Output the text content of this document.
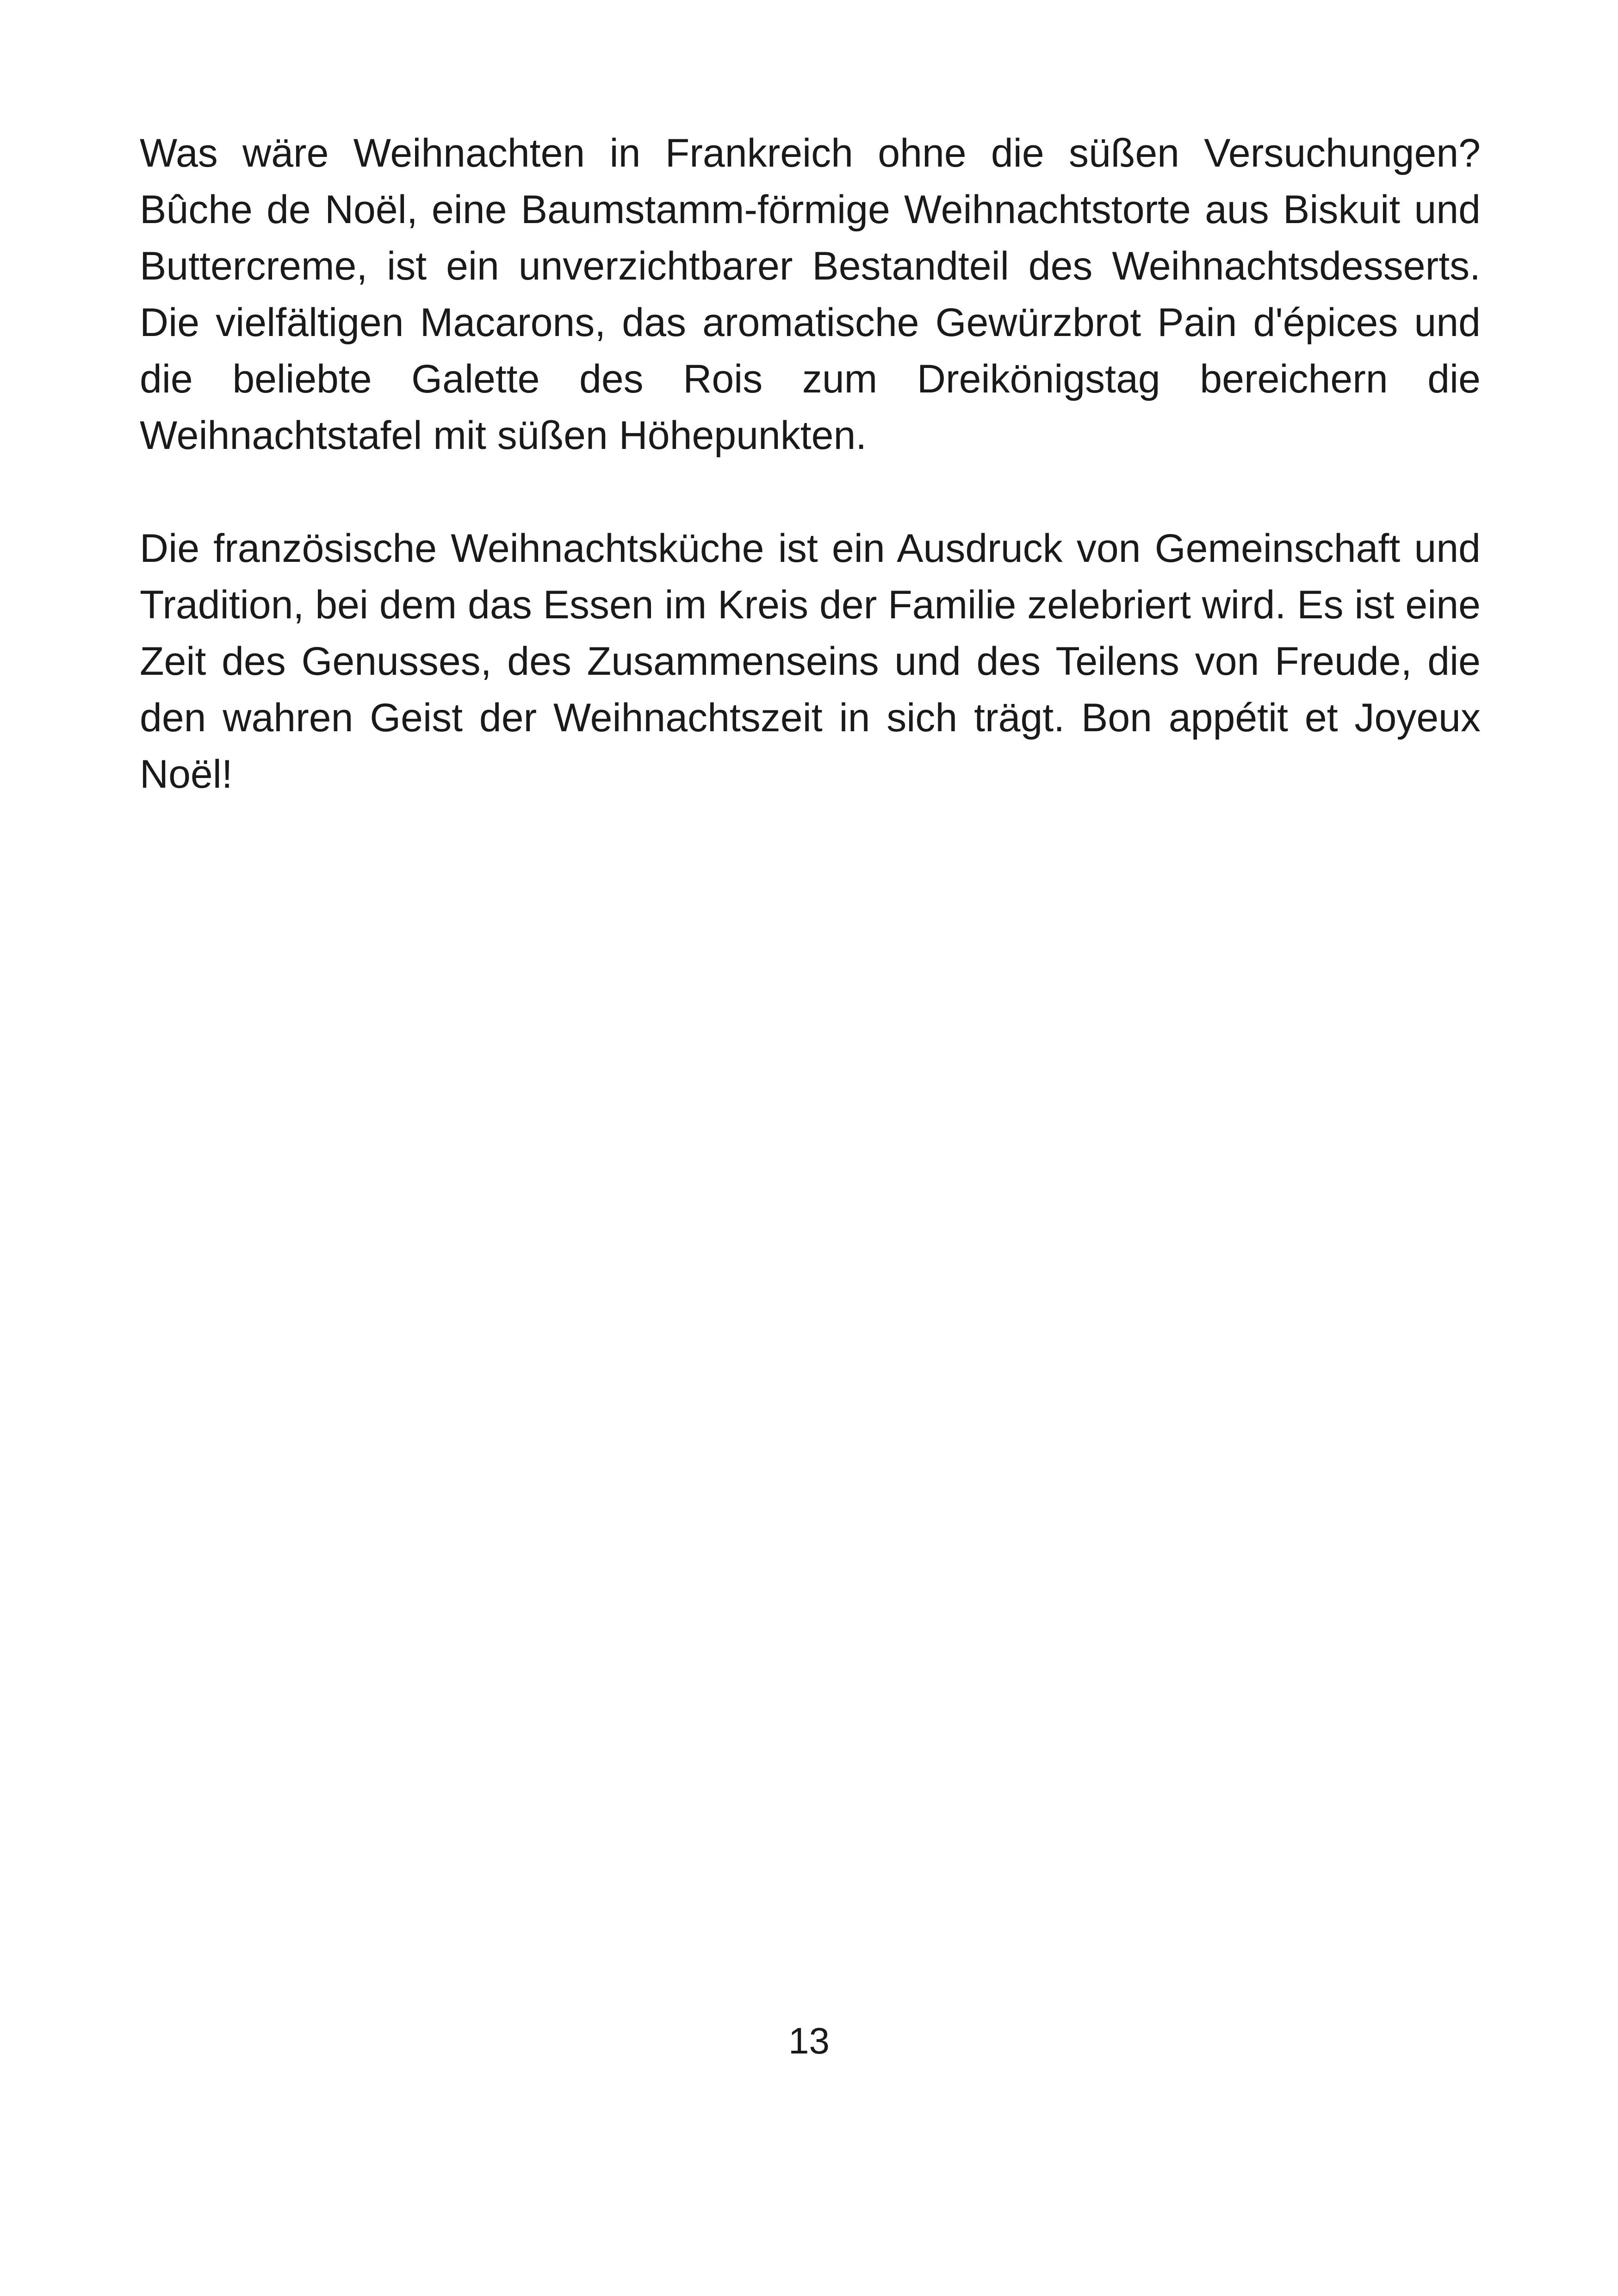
Was wäre Weihnachten in Frankreich ohne die süßen Versuchungen? Bûche de Noël, eine Baumstamm-förmige Weihnachtstorte aus Biskuit und Buttercreme, ist ein unverzichtbarer Bestandteil des Weihnachtsdesserts. Die vielfältigen Macarons, das aromatische Gewürzbrot Pain d'épices und die beliebte Galette des Rois zum Dreikönigstag bereichern die Weihnachtstafel mit süßen Höhepunkten.

Die französische Weihnachtsküche ist ein Ausdruck von Gemeinschaft und Tradition, bei dem das Essen im Kreis der Familie zelebriert wird. Es ist eine Zeit des Genusses, des Zusammenseins und des Teilens von Freude, die den wahren Geist der Weihnachtszeit in sich trägt. Bon appétit et Joyeux Noël!

13
